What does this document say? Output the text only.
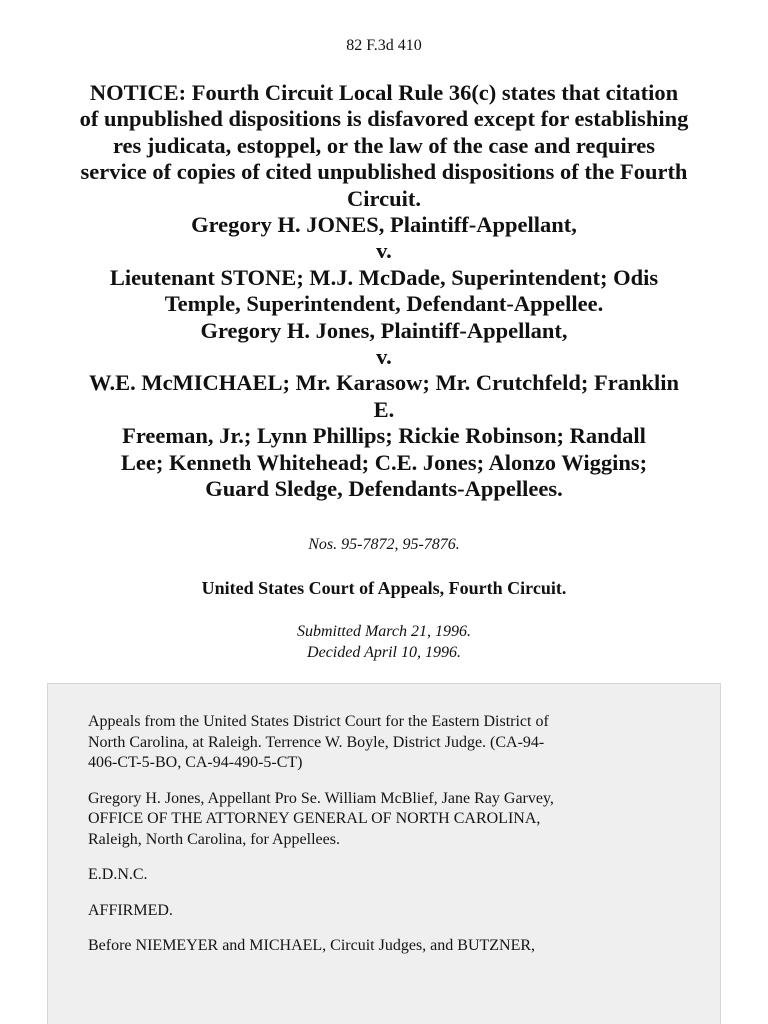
82 F.3d 410
NOTICE: Fourth Circuit Local Rule 36(c) states that citation
of unpublished dispositions is disfavored except for establishing
res judicata, estoppel, or the law of the case and requires
service of copies of cited unpublished dispositions of the Fourth
Circuit.
Gregory H. JONES, Plaintiff-Appellant,
v.
Lieutenant STONE; M.J. McDade, Superintendent; Odis
Temple, Superintendent, Defendant-Appellee.
Gregory H. Jones, Plaintiff-Appellant,
v.
W.E. McMICHAEL; Mr. Karasow; Mr. Crutchfeld; Franklin
E.
Freeman, Jr.; Lynn Phillips; Rickie Robinson; Randall
Lee; Kenneth Whitehead; C.E. Jones; Alonzo Wiggins;
Guard Sledge, Defendants-Appellees.
Nos. 95-7872, 95-7876.
United States Court of Appeals, Fourth Circuit.
Submitted March 21, 1996.
Decided April 10, 1996.

Appeals from the United States District Court for the Eastern District of
North Carolina, at Raleigh. Terrence W. Boyle, District Judge. (CA-94-
406-CT-5-BO, CA-94-490-5-CT)

Gregory H. Jones, Appellant Pro Se. William McBlief, Jane Ray Garvey,
OFFICE OF THE ATTORNEY GENERAL OF NORTH CAROLINA,
Raleigh, North Carolina, for Appellees.

E.D.N.C.

AFFIRMED.

Before NIEMEYER and MICHAEL, Circuit Judges, and BUTZNER,
